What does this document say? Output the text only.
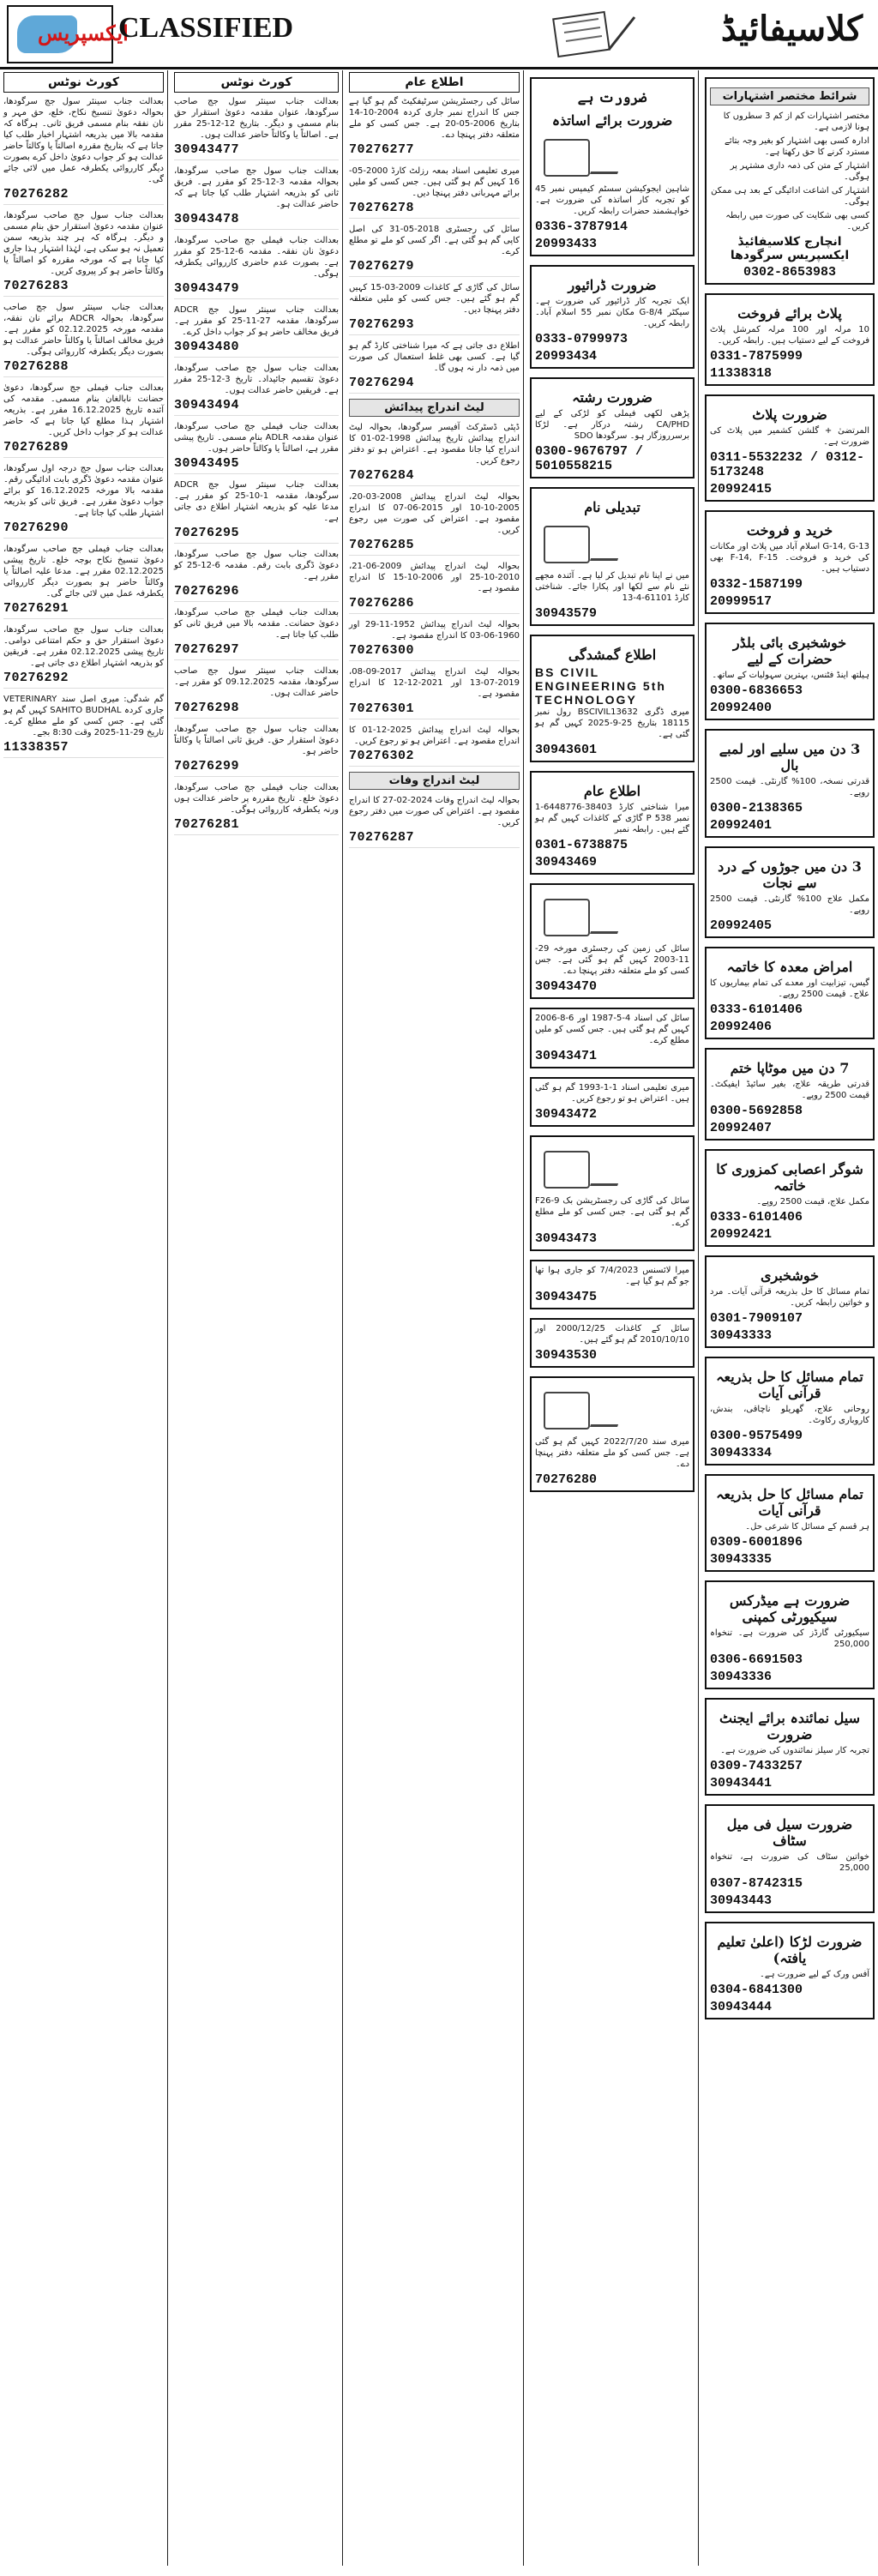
ایکسپریس
CLASSIFIED	کلاسیفائیڈ
کورٹ نوٹس
بعدالت جناب سینئر سول جج سرگودھا، بحوالہ دعویٰ تنسیخ نکاح، خلع، حق مہر و نان نفقہ بنام مسمی فریق ثانی۔ ہرگاہ کہ مقدمہ بالا میں بذریعہ اشتہار اخبار طلب کیا جاتا ہے کہ بتاریخ مقررہ اصالتاً یا وکالتاً حاضر عدالت ہو کر جواب دعویٰ داخل کرے بصورت دیگر کارروائی یکطرفہ عمل میں لائی جائے گی۔
70276282
بعدالت جناب سول جج صاحب سرگودھا، عنوان مقدمہ دعویٰ استقرار حق بنام مسمی و دیگر۔ ہرگاہ کہ ہر چند بذریعہ سمن تعمیل نہ ہو سکی ہے، لہٰذا اشتہار ہذا جاری کیا جاتا ہے کہ مورخہ مقررہ کو اصالتاً یا وکالتاً حاضر ہو کر پیروی کریں۔
70276283
بعدالت جناب سینئر سول جج صاحب سرگودھا، بحوالہ ADCR برائے نان نفقہ، مقدمہ مورخہ 02.12.2025 کو مقرر ہے۔ فریق مخالف اصالتاً یا وکالتاً حاضر عدالت ہو بصورت دیگر یکطرفہ کارروائی ہوگی۔
70276288
بعدالت جناب فیملی جج سرگودھا، دعویٰ حضانت نابالغان بنام مسمی۔ مقدمہ کی آئندہ تاریخ 16.12.2025 مقرر ہے۔ بذریعہ اشتہار ہذا مطلع کیا جاتا ہے کہ حاضر عدالت ہو کر جواب داخل کریں۔
70276289
بعدالت جناب سول جج درجہ اول سرگودھا، عنوان مقدمہ دعویٰ ڈگری بابت ادائیگی رقم۔ مقدمہ بالا مورخہ 16.12.2025 کو برائے جواب دعویٰ مقرر ہے۔ فریق ثانی کو بذریعہ اشتہار طلب کیا جاتا ہے۔
70276290
بعدالت جناب فیملی جج صاحب سرگودھا، دعویٰ تنسیخ نکاح بوجہ خلع۔ تاریخ پیشی 02.12.2025 مقرر ہے۔ مدعا علیہ اصالتاً یا وکالتاً حاضر ہو بصورت دیگر کارروائی یکطرفہ عمل میں لائی جائے گی۔
70276291
بعدالت جناب سول جج صاحب سرگودھا، دعویٰ استقرار حق و حکم امتناعی دوامی۔ تاریخ پیشی 02.12.2025 مقرر ہے۔ فریقین کو بذریعہ اشتہار اطلاع دی جاتی ہے۔
70276292
گم شدگی: میری اصل سند VETERINARY جاری کردہ SAHITO BUDHAL کہیں گم ہو گئی ہے۔ جس کسی کو ملے مطلع کرے۔ تاریخ 29-11-2025 وقت 8:30 بجے۔
11338357
کورٹ نوٹس
بعدالت جناب سینئر سول جج صاحب سرگودھا، عنوان مقدمہ دعویٰ استقرار حق بنام مسمی و دیگر۔ بتاریخ 12-12-25 مقرر ہے۔ اصالتاً یا وکالتاً حاضر عدالت ہوں۔
30943477
بعدالت جناب سول جج صاحب سرگودھا، بحوالہ مقدمہ 3-12-25 کو مقرر ہے۔ فریق ثانی کو بذریعہ اشتہار طلب کیا جاتا ہے کہ حاضر عدالت ہو۔
30943478
بعدالت جناب فیملی جج صاحب سرگودھا، دعویٰ نان نفقہ۔ مقدمہ 6-12-25 کو مقرر ہے۔ بصورت عدم حاضری کارروائی یکطرفہ ہوگی۔
30943479
بعدالت جناب سینئر سول جج ADCR سرگودھا، مقدمہ 27-11-25 کو مقرر ہے۔ فریق مخالف حاضر ہو کر جواب داخل کرے۔
30943480
بعدالت جناب سول جج صاحب سرگودھا، دعویٰ تقسیم جائیداد۔ تاریخ 3-12-25 مقرر ہے۔ فریقین حاضر عدالت ہوں۔
30943494
بعدالت جناب فیملی جج صاحب سرگودھا، عنوان مقدمہ ADLR بنام مسمی۔ تاریخ پیشی مقرر ہے، اصالتاً یا وکالتاً حاضر ہوں۔
30943495
بعدالت جناب سینئر سول جج ADCR سرگودھا، مقدمہ 1-10-25 کو مقرر ہے۔ مدعا علیہ کو بذریعہ اشتہار اطلاع دی جاتی ہے۔
70276295
بعدالت جناب سول جج صاحب سرگودھا، دعویٰ ڈگری بابت رقم۔ مقدمہ 6-12-25 کو مقرر ہے۔
70276296
بعدالت جناب فیملی جج صاحب سرگودھا، دعویٰ حضانت۔ مقدمہ بالا میں فریق ثانی کو طلب کیا جاتا ہے۔
70276297
بعدالت جناب سینئر سول جج صاحب سرگودھا، مقدمہ 09.12.2025 کو مقرر ہے۔ حاضر عدالت ہوں۔
70276298
بعدالت جناب سول جج صاحب سرگودھا، دعویٰ استقرار حق۔ فریق ثانی اصالتاً یا وکالتاً حاضر ہو۔
70276299
بعدالت جناب فیملی جج صاحب سرگودھا، دعویٰ خلع۔ تاریخ مقررہ پر حاضر عدالت ہوں ورنہ یکطرفہ کارروائی ہوگی۔
70276281
اطلاع عام
سائل کی رجسٹریشن سرٹیفکیٹ گم ہو گیا ہے جس کا اندراج نمبر جاری کردہ 2004-10-14 بتاریخ 2006-05-20 ہے۔ جس کسی کو ملے متعلقہ دفتر پہنچا دے۔
70276277
میری تعلیمی اسناد بمعہ رزلٹ کارڈ 2000-05-16 کہیں گم ہو گئی ہیں۔ جس کسی کو ملیں برائے مہربانی دفتر پہنچا دیں۔
70276278
سائل کی رجسٹری 2018-05-31 کی اصل کاپی گم ہو گئی ہے۔ اگر کسی کو ملے تو مطلع کرے۔
70276279
سائل کی گاڑی کے کاغذات 2009-03-15 کہیں گم ہو گئے ہیں۔ جس کسی کو ملیں متعلقہ دفتر پہنچا دیں۔
70276293
اطلاع دی جاتی ہے کہ میرا شناختی کارڈ گم ہو گیا ہے۔ کسی بھی غلط استعمال کی صورت میں ذمہ دار نہ ہوں گا۔
70276294
لیٹ اندراج پیدائش
ڈپٹی ڈسٹرکٹ آفیسر سرگودھا، بحوالہ لیٹ اندراج پیدائش تاریخ پیدائش 1998-02-01 کا اندراج کیا جانا مقصود ہے۔ اعتراض ہو تو دفتر رجوع کریں۔
70276284
بحوالہ لیٹ اندراج پیدائش 2008-03-20، 2005-10-10 اور 2015-06-07 کا اندراج مقصود ہے۔ اعتراض کی صورت میں رجوع کریں۔
70276285
بحوالہ لیٹ اندراج پیدائش 2009-06-21، 2010-10-25 اور 2006-10-15 کا اندراج مقصود ہے۔
70276286
بحوالہ لیٹ اندراج پیدائش 1952-11-29 اور 1960-06-03 کا اندراج مقصود ہے۔
70276300
بحوالہ لیٹ اندراج پیدائش 2017-09-08، 2019-07-13 اور 2021-12-12 کا اندراج مقصود ہے۔
70276301
بحوالہ لیٹ اندراج پیدائش 2025-12-01 کا اندراج مقصود ہے۔ اعتراض ہو تو رجوع کریں۔
70276302
لیٹ اندراج وفات
بحوالہ لیٹ اندراج وفات 2024-02-27 کا اندراج مقصود ہے۔ اعتراض کی صورت میں دفتر رجوع کریں۔
70276287
ضرورت ہے
ضرورت برائے اساتذہ
شاہین ایجوکیشن سسٹم کیمپس نمبر 45 کو تجربہ کار اساتذہ کی ضرورت ہے۔ خواہشمند حضرات رابطہ کریں۔
0336-3787914
20993433
ضرورت ڈرائیور
ایک تجربہ کار ڈرائیور کی ضرورت ہے۔ سیکٹر G-8/4 مکان نمبر 55 اسلام آباد۔ رابطہ کریں۔
0333-0799973
20993434
ضرورت رشتہ
پڑھی لکھی فیملی کو لڑکی کے لیے CA/PHD رشتہ درکار ہے۔ لڑکا برسرروزگار ہو۔ سرگودھا SDO
0300-9676797 / 5010558215
تبدیلی نام
میں نے اپنا نام تبدیل کر لیا ہے۔ آئندہ مجھے نئے نام سے لکھا اور پکارا جائے۔ شناختی کارڈ 61101-4-13
30943579
اطلاع گمشدگی
BS CIVIL ENGINEERING 5th TECHNOLOGY
میری ڈگری BSCIVIL13632 رول نمبر 18115 بتاریخ 25-9-2025 کہیں گم ہو گئی ہے۔
30943601
اطلاع عام
میرا شناختی کارڈ 38403-6448776-1 نمبر P 538 گاڑی کے کاغذات کہیں گم ہو گئے ہیں۔ رابطہ نمبر
0301-6738875
30943469
سائل کی زمین کی رجسٹری مورخہ 29-11-2003 کہیں گم ہو گئی ہے۔ جس کسی کو ملے متعلقہ دفتر پہنچا دے۔
30943470
سائل کی اسناد 4-5-1987 اور 6-8-2006 کہیں گم ہو گئی ہیں۔ جس کسی کو ملیں مطلع کرے۔
30943471
میری تعلیمی اسناد 1-1-1993 گم ہو گئی ہیں۔ اعتراض ہو تو رجوع کریں۔
30943472
سائل کی گاڑی کی رجسٹریشن بک F26-9 گم ہو گئی ہے۔ جس کسی کو ملے مطلع کرے۔
30943473
میرا لائسنس 7/4/2023 کو جاری ہوا تھا جو گم ہو گیا ہے۔
30943475
سائل کے کاغذات 2000/12/25 اور 2010/10/10 گم ہو گئے ہیں۔
30943530
میری سند 2022/7/20 کہیں گم ہو گئی ہے۔ جس کسی کو ملے متعلقہ دفتر پہنچا دے۔
70276280
شرائط مختصر اشتہارات
مختصر اشتہارات کم از کم 3 سطروں کا ہونا لازمی ہے۔
ادارہ کسی بھی اشتہار کو بغیر وجہ بتائے مسترد کرنے کا حق رکھتا ہے۔
اشتہار کے متن کی ذمہ داری مشتہر پر ہوگی۔
اشتہار کی اشاعت ادائیگی کے بعد ہی ممکن ہوگی۔
کسی بھی شکایت کی صورت میں رابطہ کریں۔
انچارج کلاسیفائیڈ ایکسپریس سرگودھا
0302-8653983
پلاٹ برائے فروخت
10 مرلہ اور 100 مرلہ کمرشل پلاٹ فروخت کے لیے دستیاب ہیں۔ رابطہ کریں۔
0331-7875999
11338318
ضرورت پلاٹ
المرتضیٰ + گلشن کشمیر میں پلاٹ کی ضرورت ہے۔
0311-5532232 / 0312-5173248
20992415
خرید و فروخت
G-14, G-13 اسلام آباد میں پلاٹ اور مکانات کی خرید و فروخت۔ F-14, F-15 بھی دستیاب ہیں۔
0332-1587199
20999517
خوشخبری بائی بلڈر حضرات کے لیے
ہیلتھ اینڈ فٹنس، بہترین سہولیات کے ساتھ۔
0300-6836653
20992400
3 دن میں سلیے اور لمبے بال
قدرتی نسخہ، 100% گارنٹی۔ قیمت 2500 روپے۔
0300-2138365
20992401
3 دن میں جوڑوں کے درد سے نجات
مکمل علاج 100% گارنٹی۔ قیمت 2500 روپے۔
20992405
امراض معدہ کا خاتمہ
گیس، تیزابیت اور معدے کی تمام بیماریوں کا علاج۔ قیمت 2500 روپے۔
0333-6101406
20992406
7 دن میں موٹاپا ختم
قدرتی طریقہ علاج، بغیر سائیڈ ایفیکٹ۔ قیمت 2500 روپے۔
0300-5692858
20992407
شوگر اعصابی کمزوری کا خاتمہ
مکمل علاج، قیمت 2500 روپے۔
0333-6101406
20992421
خوشخبری
تمام مسائل کا حل بذریعہ قرآنی آیات۔ مرد و خواتین رابطہ کریں۔
0301-7909107
30943333
تمام مسائل کا حل بذریعہ قرآنی آیات
روحانی علاج، گھریلو ناچاقی، بندش، کاروباری رکاوٹ۔
0300-9575499
30943334
تمام مسائل کا حل بذریعہ قرآنی آیات
ہر قسم کے مسائل کا شرعی حل۔
0309-6001896
30943335
ضرورت ہے میڈرکس سیکیورٹی کمپنی
سیکیورٹی گارڈز کی ضرورت ہے۔ تنخواہ 250,000
0306-6691503
30943336
سیل نمائندہ برائے ایجنٹ ضرورت
تجربہ کار سیلز نمائندوں کی ضرورت ہے۔
0309-7433257
30943441
ضرورت سیل فی میل سٹاف
خواتین سٹاف کی ضرورت ہے، تنخواہ 25,000
0307-8742315
30943443
ضرورت لڑکا (اعلیٰ تعلیم یافتہ)
آفس ورک کے لیے ضرورت ہے۔
0304-6841300
30943444
